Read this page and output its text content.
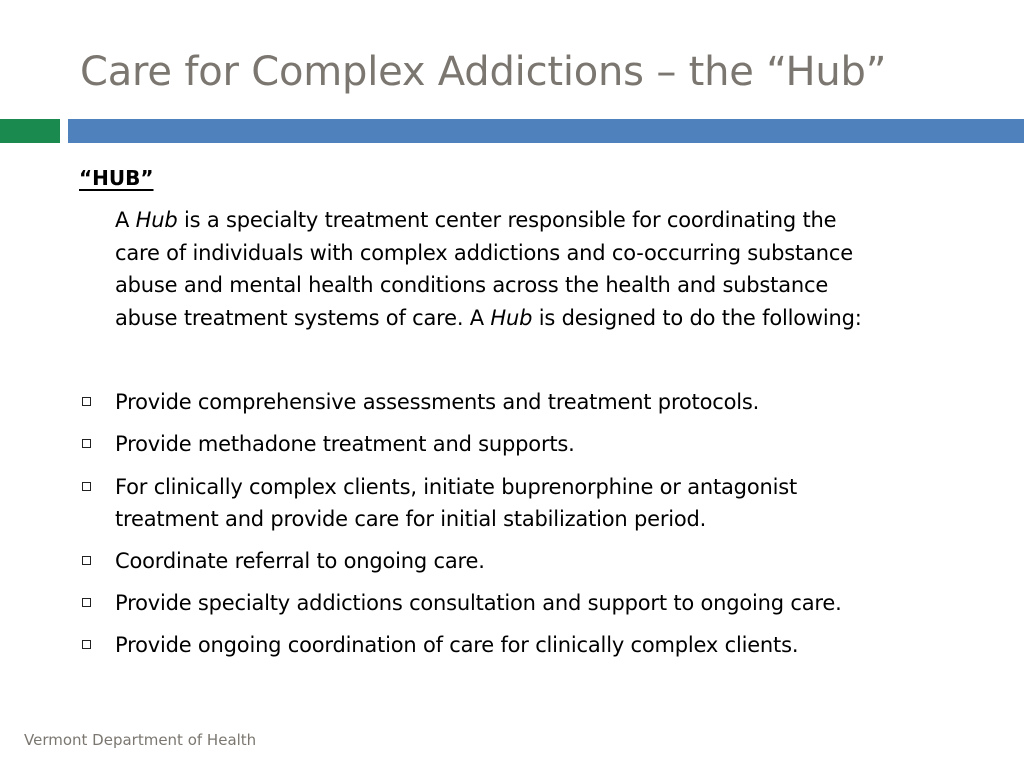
Care for Complex Addictions – the “Hub”
“HUB”
A Hub is a specialty treatment center responsible for coordinating the
care of individuals with complex addictions and co-occurring substance
abuse and mental health conditions across the health and substance
abuse treatment systems of care. A Hub is designed to do the following:
Provide comprehensive assessments and treatment protocols.
Provide methadone treatment and supports.
For clinically complex clients, initiate buprenorphine or antagonist
treatment and provide care for initial stabilization period.
Coordinate referral to ongoing care.
Provide specialty addictions consultation and support to ongoing care.
Provide ongoing coordination of care for clinically complex clients.
Vermont Department of Health
